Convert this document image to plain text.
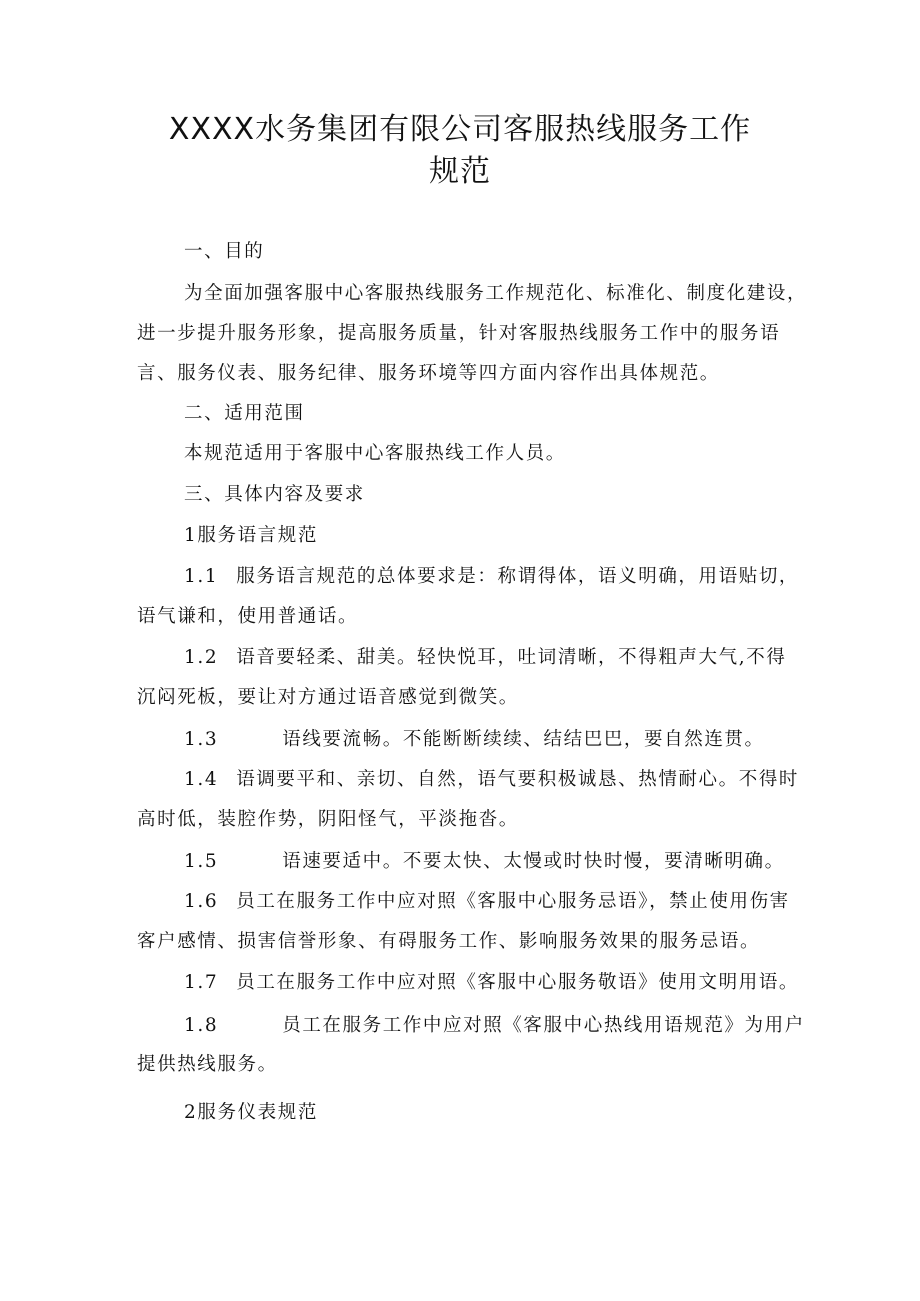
XXXX水务集团有限公司客服热线服务工作
规范
一、目的
为全面加强客服中心客服热线服务工作规范化、标准化、制度化建设，
进一步提升服务形象，提高服务质量，针对客服热线服务工作中的服务语
言、服务仪表、服务纪律、服务环境等四方面内容作出具体规范。
二、适用范围
本规范适用于客服中心客服热线工作人员。
三、具体内容及要求
1服务语言规范
1.1 服务语言规范的总体要求是：称谓得体，语义明确，用语贴切，
语气谦和，使用普通话。
1.2 语音要轻柔、甜美。轻快悦耳，吐词清晰，不得粗声大气,不得
沉闷死板，要让对方通过语音感觉到微笑。
1.3	语线要流畅。不能断断续续、结结巴巴，要自然连贯。
1.4 语调要平和、亲切、自然，语气要积极诚恳、热情耐心。不得时
高时低，装腔作势，阴阳怪气，平淡拖沓。
1.5	语速要适中。不要太快、太慢或时快时慢，要清晰明确。
1.6 员工在服务工作中应对照《客服中心服务忌语》，禁止使用伤害
客户感情、损害信誉形象、有碍服务工作、影响服务效果的服务忌语。
1.7 员工在服务工作中应对照《客服中心服务敬语》使用文明用语。
1.8	员工在服务工作中应对照《客服中心热线用语规范》为用户
提供热线服务。
2服务仪表规范
